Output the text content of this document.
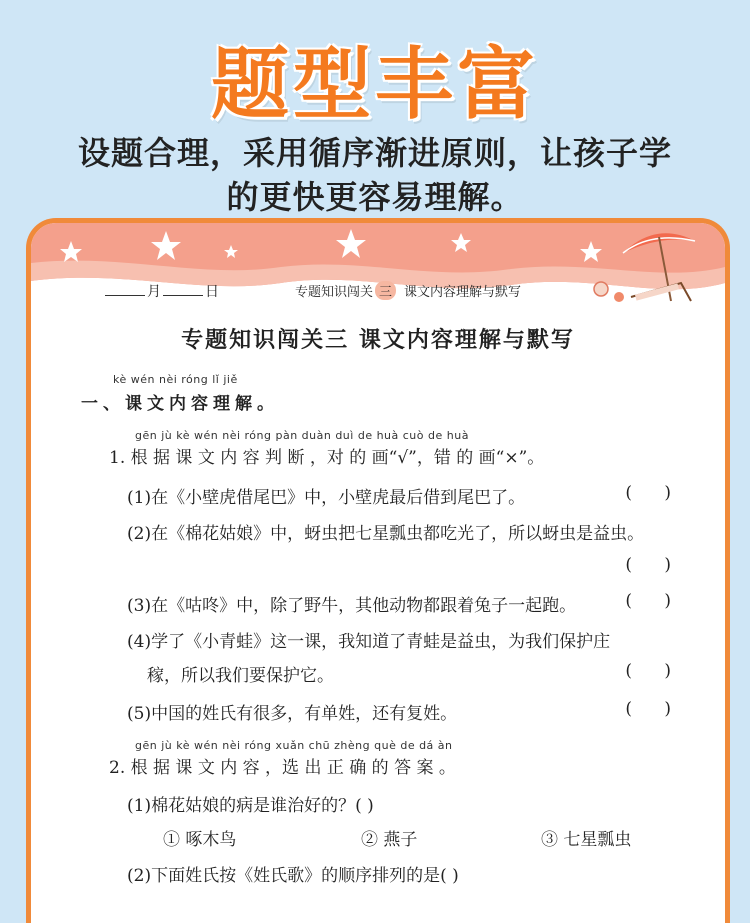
题型丰富
设题合理，采用循序渐进原则，让孩子学
的更快更容易理解。
月	日	专题知识闯关 三 课文内容理解与默写
专题知识闯关三 课文内容理解与默写
kè wén nèi róng lǐ jiě
一、课文内容理解。
gēn jù kè wén nèi róng pàn duàn duì de huà cuò de huà
1. 根 据 课 文 内 容 判 断 ，对 的 画“√”，错 的 画“×”。
(1)在《小壁虎借尾巴》中，小壁虎最后借到尾巴了。	(      )
(2)在《棉花姑娘》中，蚜虫把七星瓢虫都吃光了，所以蚜虫是益虫。
(      )
(3)在《咕咚》中，除了野牛，其他动物都跟着兔子一起跑。	(      )
(4)学了《小青蛙》这一课，我知道了青蛙是益虫，为我们保护庄
稼，所以我们要保护它。	(      )
(5)中国的姓氏有很多，有单姓，还有复姓。	(      )
gēn jù kè wén nèi róng xuǎn chū zhèng què de dá àn
2. 根 据 课 文 内 容 ，选 出 正 确 的 答 案 。
(1)棉花姑娘的病是谁治好的？( )
① 啄木鸟	② 燕子	③ 七星瓢虫
(2)下面姓氏按《姓氏歌》的顺序排列的是( )
